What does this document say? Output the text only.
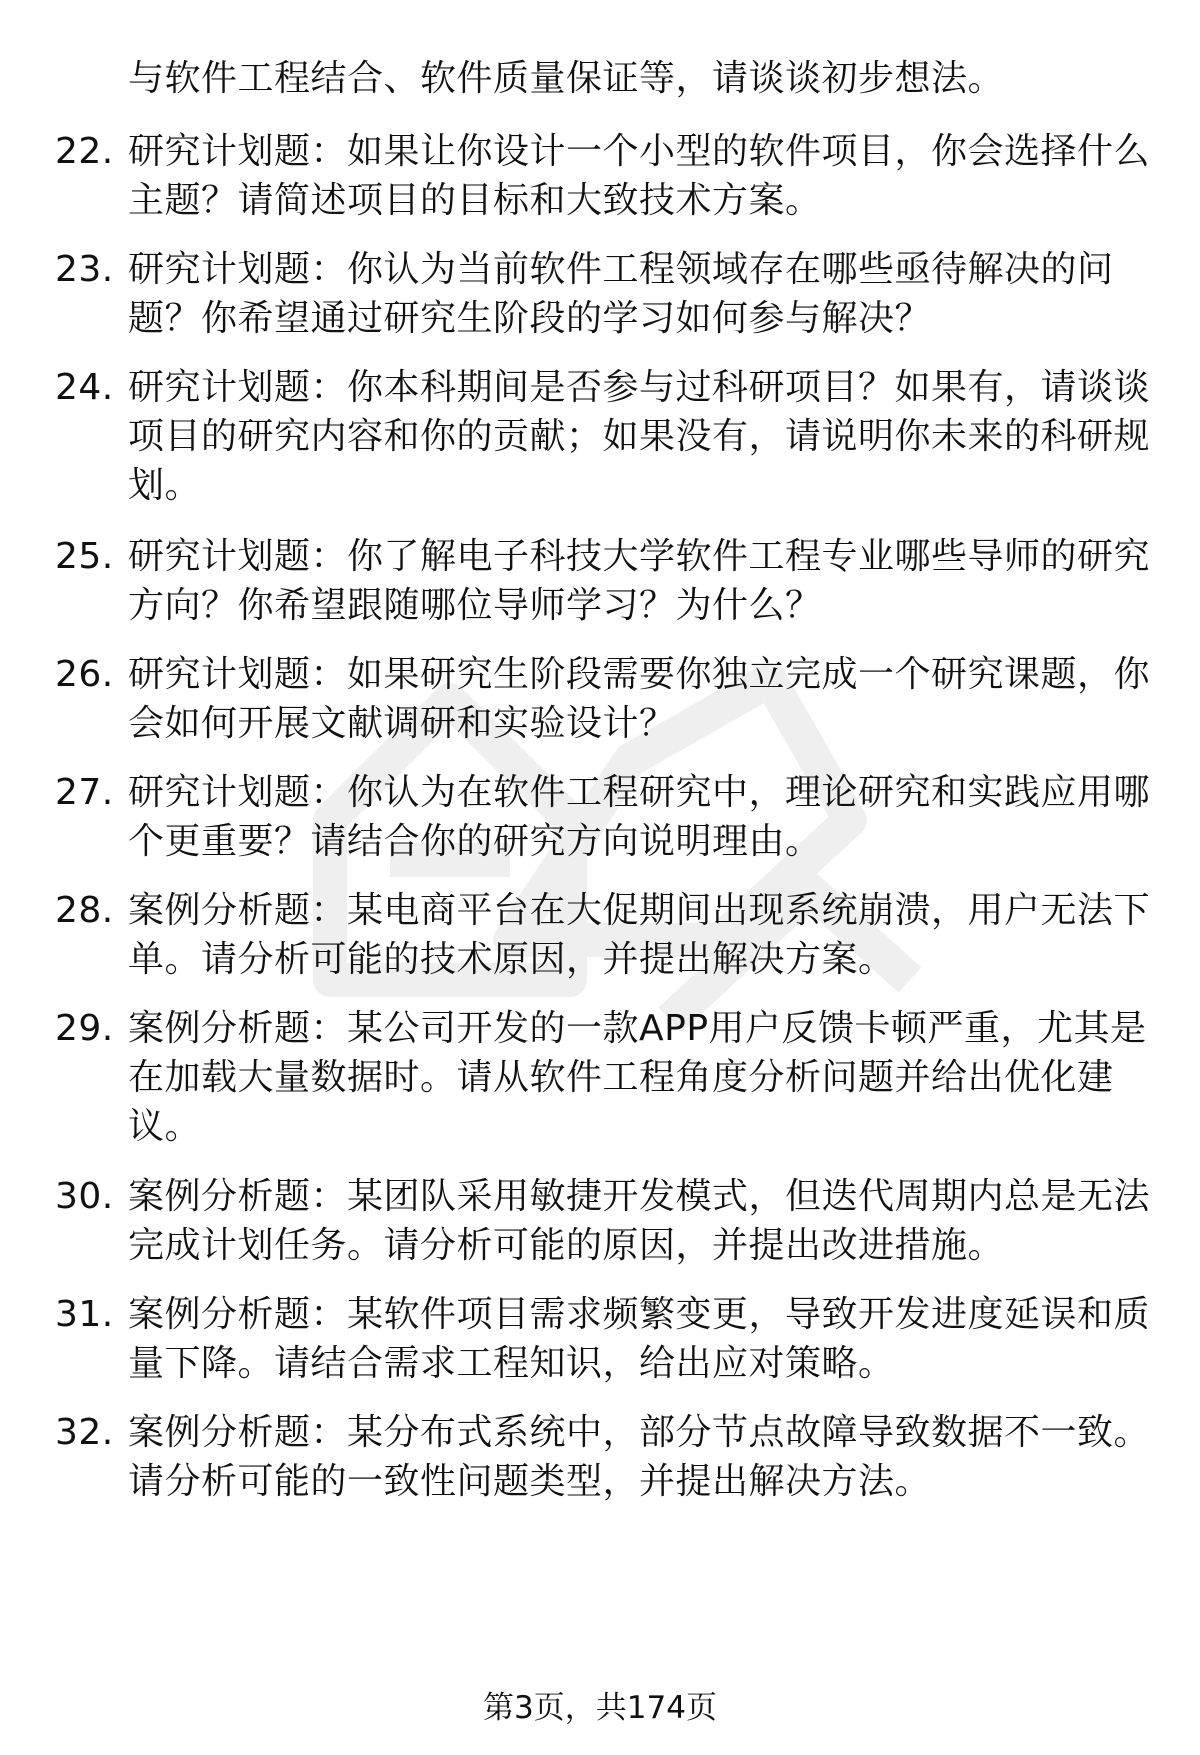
与软件工程结合、软件质量保证等，请谈谈初步想法。
22. 研究计划题：如果让你设计一个小型的软件项目，你会选择什么
主题？请简述项目的目标和大致技术方案。
23. 研究计划题：你认为当前软件工程领域存在哪些亟待解决的问
题？你希望通过研究生阶段的学习如何参与解决？
24. 研究计划题：你本科期间是否参与过科研项目？如果有，请谈谈
项目的研究内容和你的贡献；如果没有，请说明你未来的科研规
划。
25. 研究计划题：你了解电子科技大学软件工程专业哪些导师的研究
方向？你希望跟随哪位导师学习？为什么？
26. 研究计划题：如果研究生阶段需要你独立完成一个研究课题，你
会如何开展文献调研和实验设计？
27. 研究计划题：你认为在软件工程研究中，理论研究和实践应用哪
个更重要？请结合你的研究方向说明理由。
28. 案例分析题：某电商平台在大促期间出现系统崩溃，用户无法下
单。请分析可能的技术原因，并提出解决方案。
29. 案例分析题：某公司开发的一款APP用户反馈卡顿严重，尤其是
在加载大量数据时。请从软件工程角度分析问题并给出优化建
议。
30. 案例分析题：某团队采用敏捷开发模式，但迭代周期内总是无法
完成计划任务。请分析可能的原因，并提出改进措施。
31. 案例分析题：某软件项目需求频繁变更，导致开发进度延误和质
量下降。请结合需求工程知识，给出应对策略。
32. 案例分析题：某分布式系统中，部分节点故障导致数据不一致。
请分析可能的一致性问题类型，并提出解决方法。
第3页，共174页
